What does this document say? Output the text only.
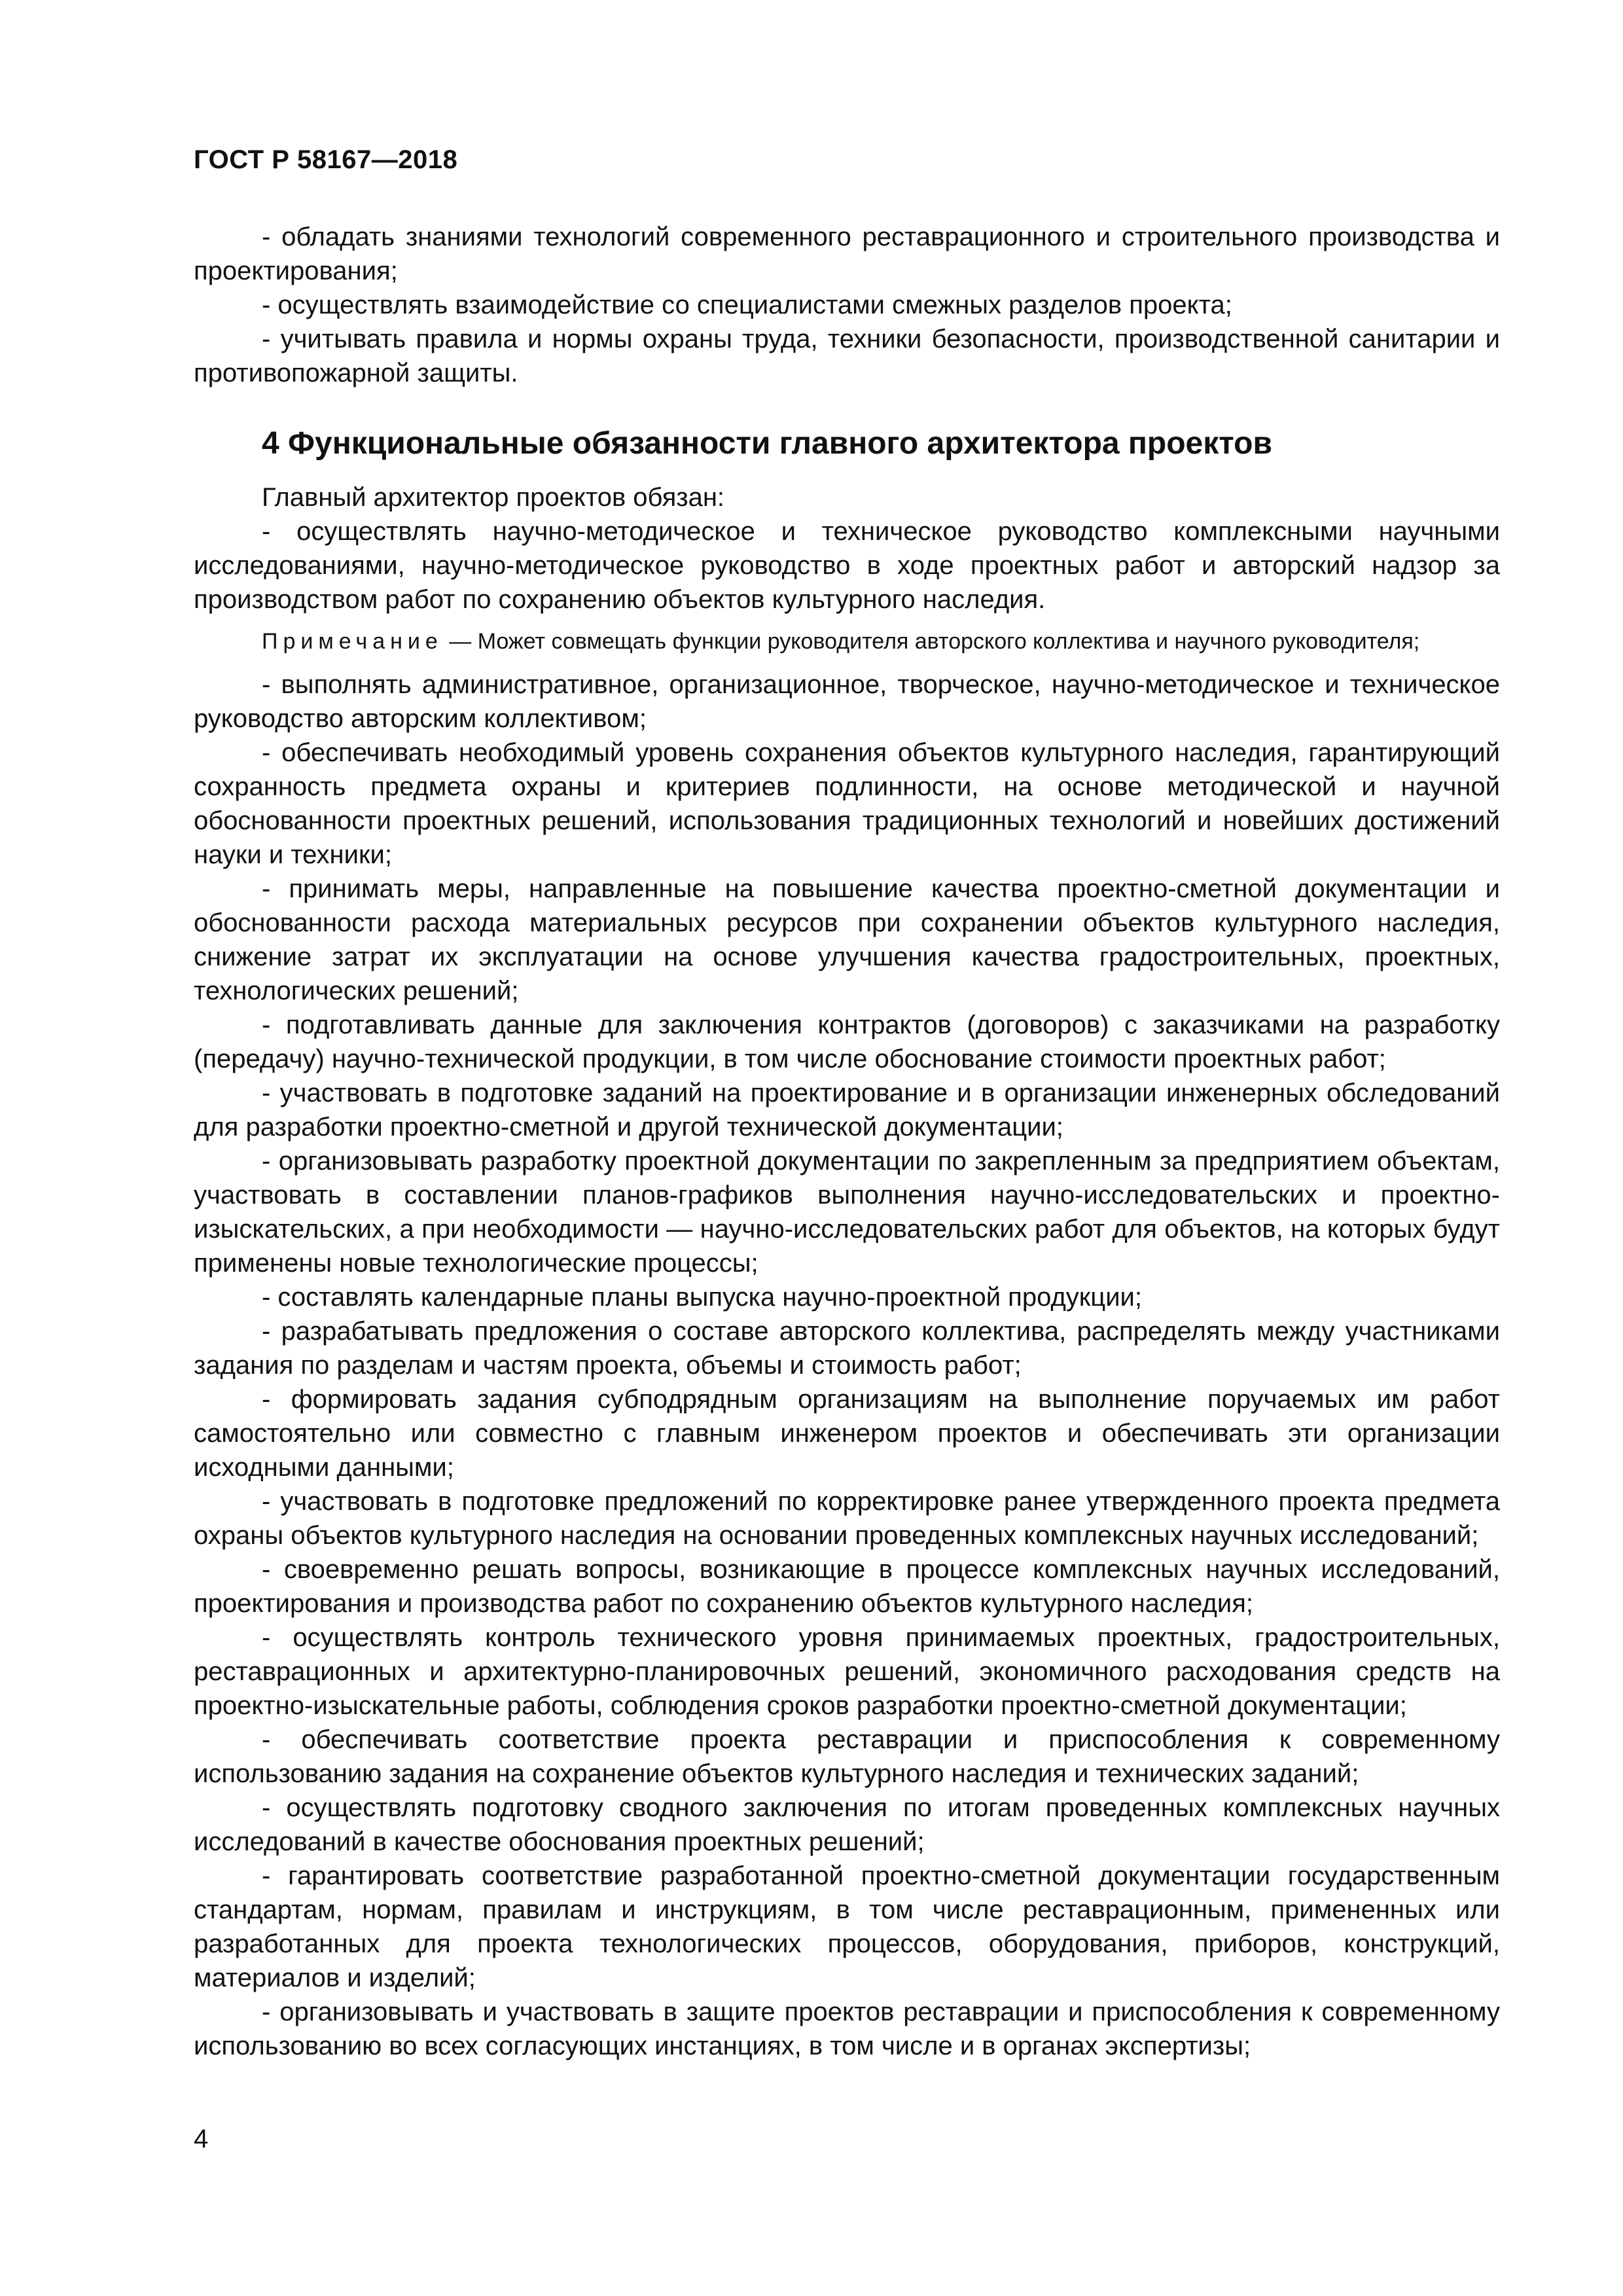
ГОСТ Р 58167—2018

- обладать знаниями технологий современного реставрационного и строительного производства и проектирования;

- осуществлять взаимодействие со специалистами смежных разделов проекта;

- учитывать правила и нормы охраны труда, техники безопасности, производственной санитарии и противопожарной защиты.

4 Функциональные обязанности главного архитектора проектов

Главный архитектор проектов обязан:

- осуществлять научно-методическое и техническое руководство комплексными научными исследованиями, научно-методическое руководство в ходе проектных работ и авторский надзор за производством работ по сохранению объектов культурного наследия.

Примечание — Может совмещать функции руководителя авторского коллектива и научного руководителя;

- выполнять административное, организационное, творческое, научно-методическое и техническое руководство авторским коллективом;

- обеспечивать необходимый уровень сохранения объектов культурного наследия, гарантирующий сохранность предмета охраны и критериев подлинности, на основе методической и научной обоснованности проектных решений, использования традиционных технологий и новейших достижений науки и техники;

- принимать меры, направленные на повышение качества проектно-сметной документации и обоснованности расхода материальных ресурсов при сохранении объектов культурного наследия, снижение затрат их эксплуатации на основе улучшения качества градостроительных, проектных, технологических решений;

- подготавливать данные для заключения контрактов (договоров) с заказчиками на разработку (передачу) научно-технической продукции, в том числе обоснование стоимости проектных работ;

- участвовать в подготовке заданий на проектирование и в организации инженерных обследований для разработки проектно-сметной и другой технической документации;

- организовывать разработку проектной документации по закрепленным за предприятием объектам, участвовать в составлении планов-графиков выполнения научно-исследовательских и проектно-изыскательских, а при необходимости — научно-исследовательских работ для объектов, на которых будут применены новые технологические процессы;

- составлять календарные планы выпуска научно-проектной продукции;

- разрабатывать предложения о составе авторского коллектива, распределять между участниками задания по разделам и частям проекта, объемы и стоимость работ;

- формировать задания субподрядным организациям на выполнение поручаемых им работ самостоятельно или совместно с главным инженером проектов и обеспечивать эти организации исходными данными;

- участвовать в подготовке предложений по корректировке ранее утвержденного проекта предмета охраны объектов культурного наследия на основании проведенных комплексных научных исследований;

- своевременно решать вопросы, возникающие в процессе комплексных научных исследований, проектирования и производства работ по сохранению объектов культурного наследия;

- осуществлять контроль технического уровня принимаемых проектных, градостроительных, реставрационных и архитектурно-планировочных решений, экономичного расходования средств на проектно-изыскательные работы, соблюдения сроков разработки проектно-сметной документации;

- обеспечивать соответствие проекта реставрации и приспособления к современному использованию задания на сохранение объектов культурного наследия и технических заданий;

- осуществлять подготовку сводного заключения по итогам проведенных комплексных научных исследований в качестве обоснования проектных решений;

- гарантировать соответствие разработанной проектно-сметной документации государственным стандартам, нормам, правилам и инструкциям, в том числе реставрационным, примененных или разработанных для проекта технологических процессов, оборудования, приборов, конструкций, материалов и изделий;

- организовывать и участвовать в защите проектов реставрации и приспособления к современному использованию во всех согласующих инстанциях, в том числе и в органах экспертизы;

4
